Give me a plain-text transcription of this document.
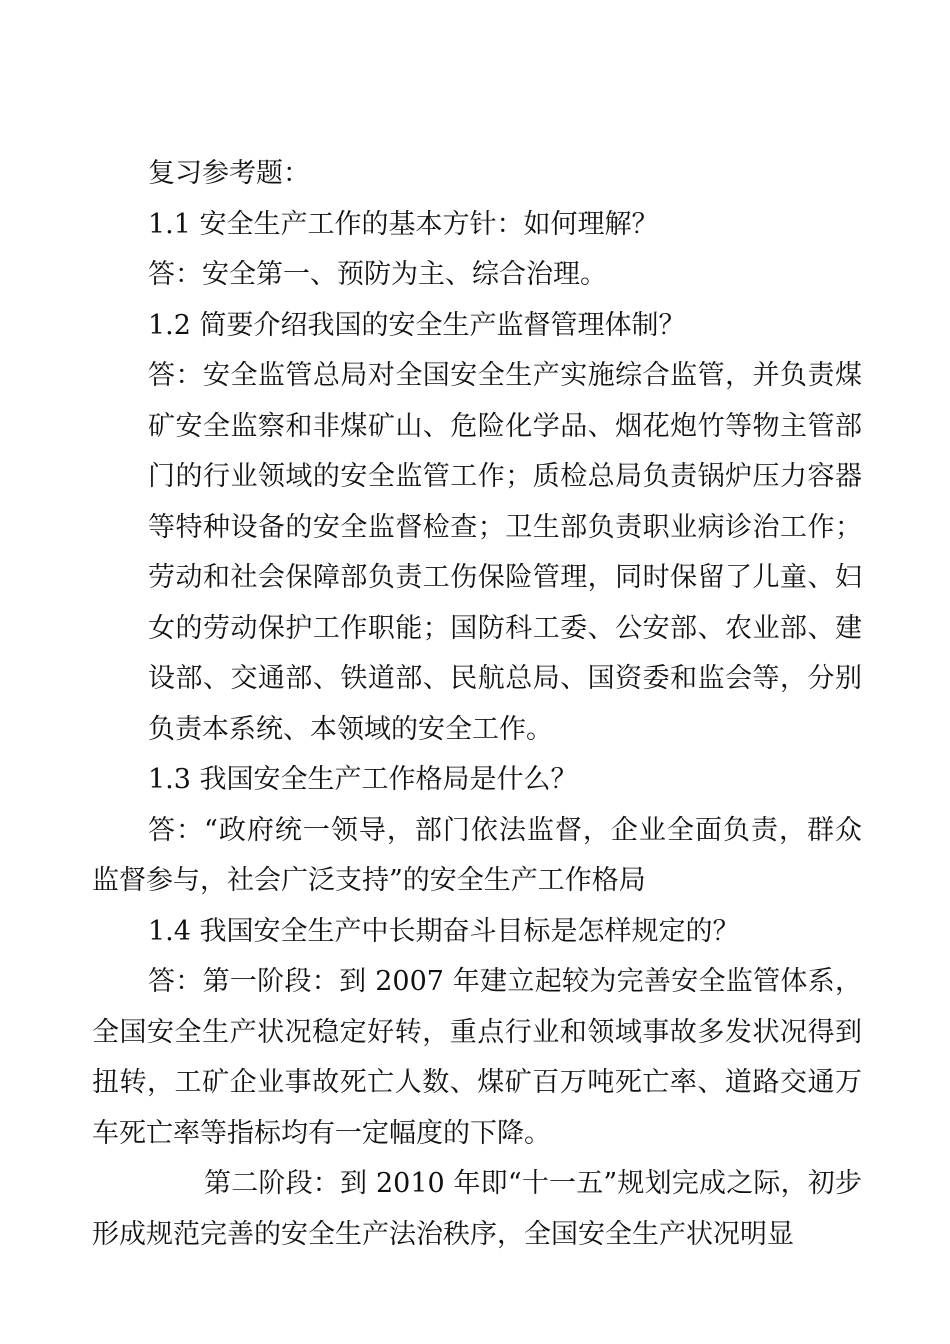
复习参考题：

1.1 安全生产工作的基本方针：如何理解？

答：安全第一、预防为主、综合治理。

1.2 简要介绍我国的安全生产监督管理体制？

答：安全监管总局对全国安全生产实施综合监管，并负责煤矿安全监察和非煤矿山、危险化学品、烟花炮竹等物主管部门的行业领域的安全监管工作；质检总局负责锅炉压力容器等特种设备的安全监督检查；卫生部负责职业病诊治工作；劳动和社会保障部负责工伤保险管理，同时保留了儿童、妇女的劳动保护工作职能；国防科工委、公安部、农业部、建设部、交通部、铁道部、民航总局、国资委和监会等，分别负责本系统、本领域的安全工作。

1.3 我国安全生产工作格局是什么？

答：“政府统一领导，部门依法监督，企业全面负责，群众监督参与，社会广泛支持”的安全生产工作格局

1.4 我国安全生产中长期奋斗目标是怎样规定的？

答：第一阶段：到 2007 年建立起较为完善安全监管体系，全国安全生产状况稳定好转，重点行业和领域事故多发状况得到扭转，工矿企业事故死亡人数、煤矿百万吨死亡率、道路交通万车死亡率等指标均有一定幅度的下降。

第二阶段：到 2010 年即“十一五”规划完成之际，初步形成规范完善的安全生产法治秩序，全国安全生产状况明显
